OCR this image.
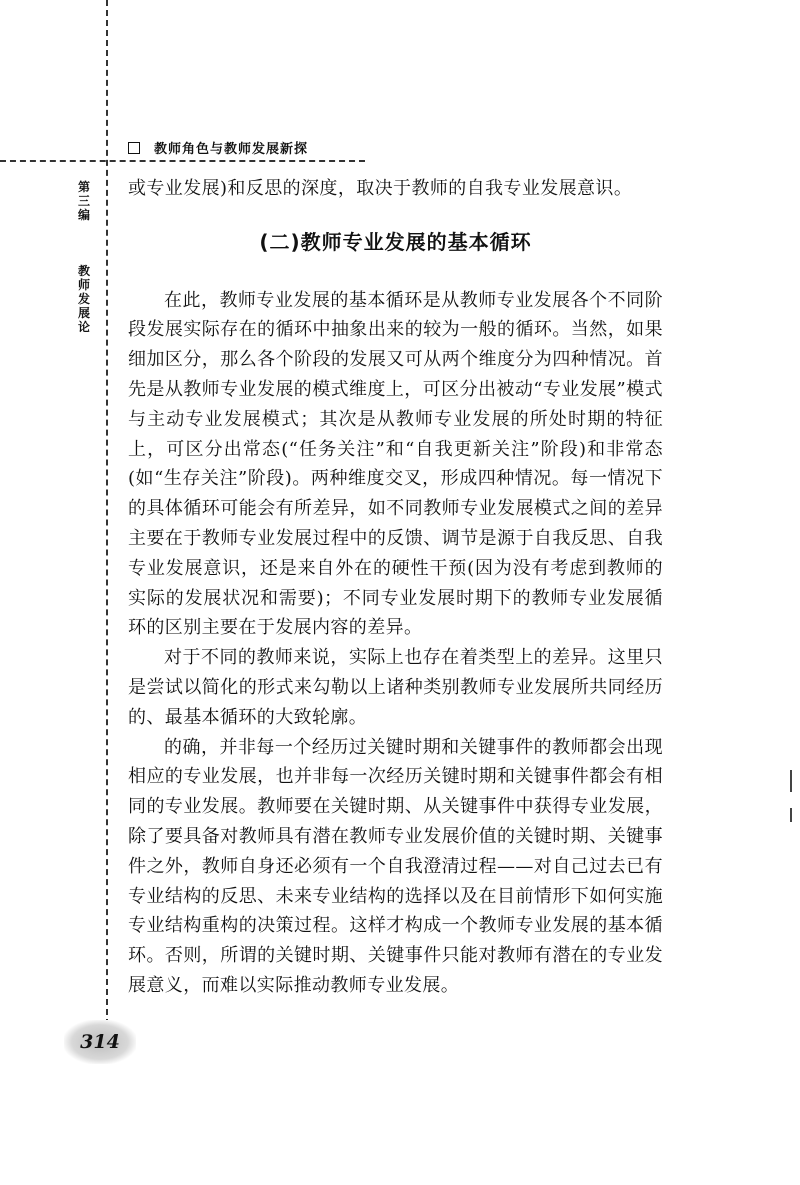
教师角色与教师发展新探
第
三
编

教
师
发
展
论

或专业发展)和反思的深度，取决于教师的自我专业发展意识。

(二)教师专业发展的基本循环

在此，教师专业发展的基本循环是从教师专业发展各个不同阶段发展实际存在的循环中抽象出来的较为一般的循环。当然，如果细加区分，那么各个阶段的发展又可从两个维度分为四种情况。首先是从教师专业发展的模式维度上，可区分出被动“专业发展”模式与主动专业发展模式；其次是从教师专业发展的所处时期的特征上，可区分出常态(“任务关注”和“自我更新关注”阶段)和非常态(如“生存关注”阶段)。两种维度交叉，形成四种情况。每一情况下的具体循环可能会有所差异，如不同教师专业发展模式之间的差异主要在于教师专业发展过程中的反馈、调节是源于自我反思、自我专业发展意识，还是来自外在的硬性干预(因为没有考虑到教师的实际的发展状况和需要)；不同专业发展时期下的教师专业发展循环的区别主要在于发展内容的差异。

对于不同的教师来说，实际上也存在着类型上的差异。这里只是尝试以简化的形式来勾勒以上诸种类别教师专业发展所共同经历的、最基本循环的大致轮廓。

的确，并非每一个经历过关键时期和关键事件的教师都会出现相应的专业发展，也并非每一次经历关键时期和关键事件都会有相同的专业发展。教师要在关键时期、从关键事件中获得专业发展，除了要具备对教师具有潜在教师专业发展价值的关键时期、关键事件之外，教师自身还必须有一个自我澄清过程——对自己过去已有专业结构的反思、未来专业结构的选择以及在目前情形下如何实施专业结构重构的决策过程。这样才构成一个教师专业发展的基本循环。否则，所谓的关键时期、关键事件只能对教师有潜在的专业发展意义，而难以实际推动教师专业发展。

314
